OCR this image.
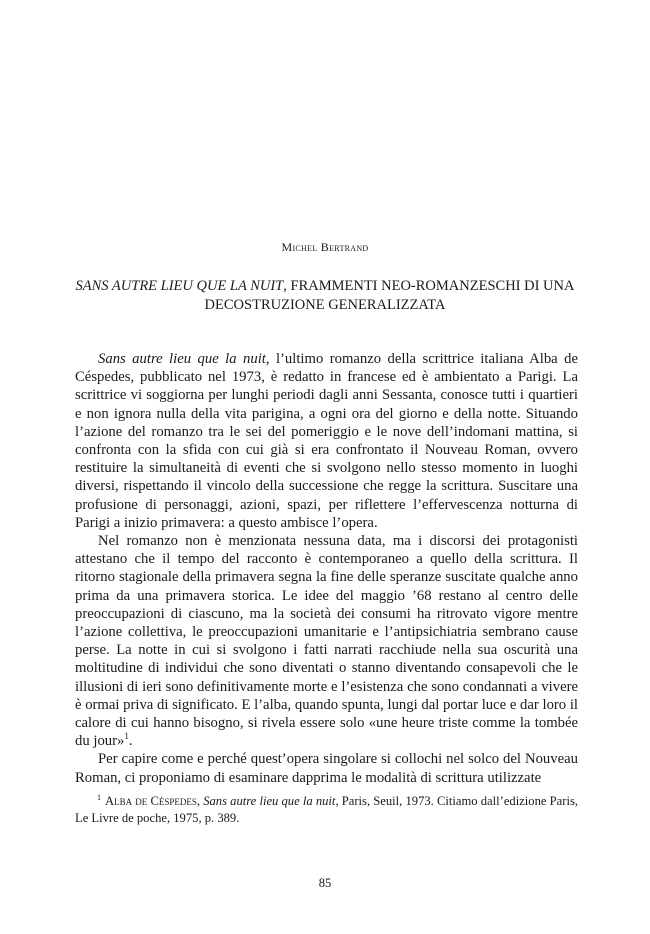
Michel Bertrand
SANS AUTRE LIEU QUE LA NUIT, FRAMMENTI NEO-ROMANZESCHI DI UNA DECOSTRUZIONE GENERALIZZATA

Sans autre lieu que la nuit, l’ultimo romanzo della scrittrice italiana Alba de Céspedes, pubblicato nel 1973, è redatto in francese ed è ambientato a Parigi. La scrittrice vi soggiorna per lunghi periodi dagli anni Sessanta, conosce tutti i quartieri e non ignora nulla della vita parigina, a ogni ora del giorno e della notte. Situando l’azione del romanzo tra le sei del pomeriggio e le nove dell’indomani mattina, si confronta con la sfida con cui già si era confrontato il Nouveau Roman, ovvero restituire la simultaneità di eventi che si svolgono nello stesso momento in luoghi diversi, rispettando il vincolo della successione che regge la scrittura. Suscitare una profusione di personaggi, azioni, spazi, per riflettere l’effervescenza notturna di Parigi a inizio primavera: a questo ambisce l’opera.

Nel romanzo non è menzionata nessuna data, ma i discorsi dei protagonisti attestano che il tempo del racconto è contemporaneo a quello della scrittura. Il ritorno stagionale della primavera segna la fine delle speranze suscitate qualche anno prima da una primavera storica. Le idee del maggio ’68 restano al centro delle preoccupazioni di ciascuno, ma la società dei consumi ha ritrovato vigore mentre l’azione collettiva, le preoccupazioni umanitarie e l’antipsichiatria sembrano cause perse. La notte in cui si svolgono i fatti narrati racchiude nella sua oscurità una moltitudine di individui che sono diventati o stanno diventando consapevoli che le illusioni di ieri sono definitivamente morte e l’esistenza che sono condannati a vivere è ormai priva di significato. E l’alba, quando spunta, lungi dal portar luce e dar loro il calore di cui hanno bisogno, si rivela essere solo «une heure triste comme la tombée du jour»$^1$.

Per capire come e perché quest’opera singolare si collochi nel solco del Nouveau Roman, ci proponiamo di esaminare dapprima le modalità di scrittura utilizzate

$^1$ Alba de Céspedes, Sans autre lieu que la nuit, Paris, Seuil, 1973. Citiamo dall’edizione Paris, Le Livre de poche, 1975, p. 389.

85
